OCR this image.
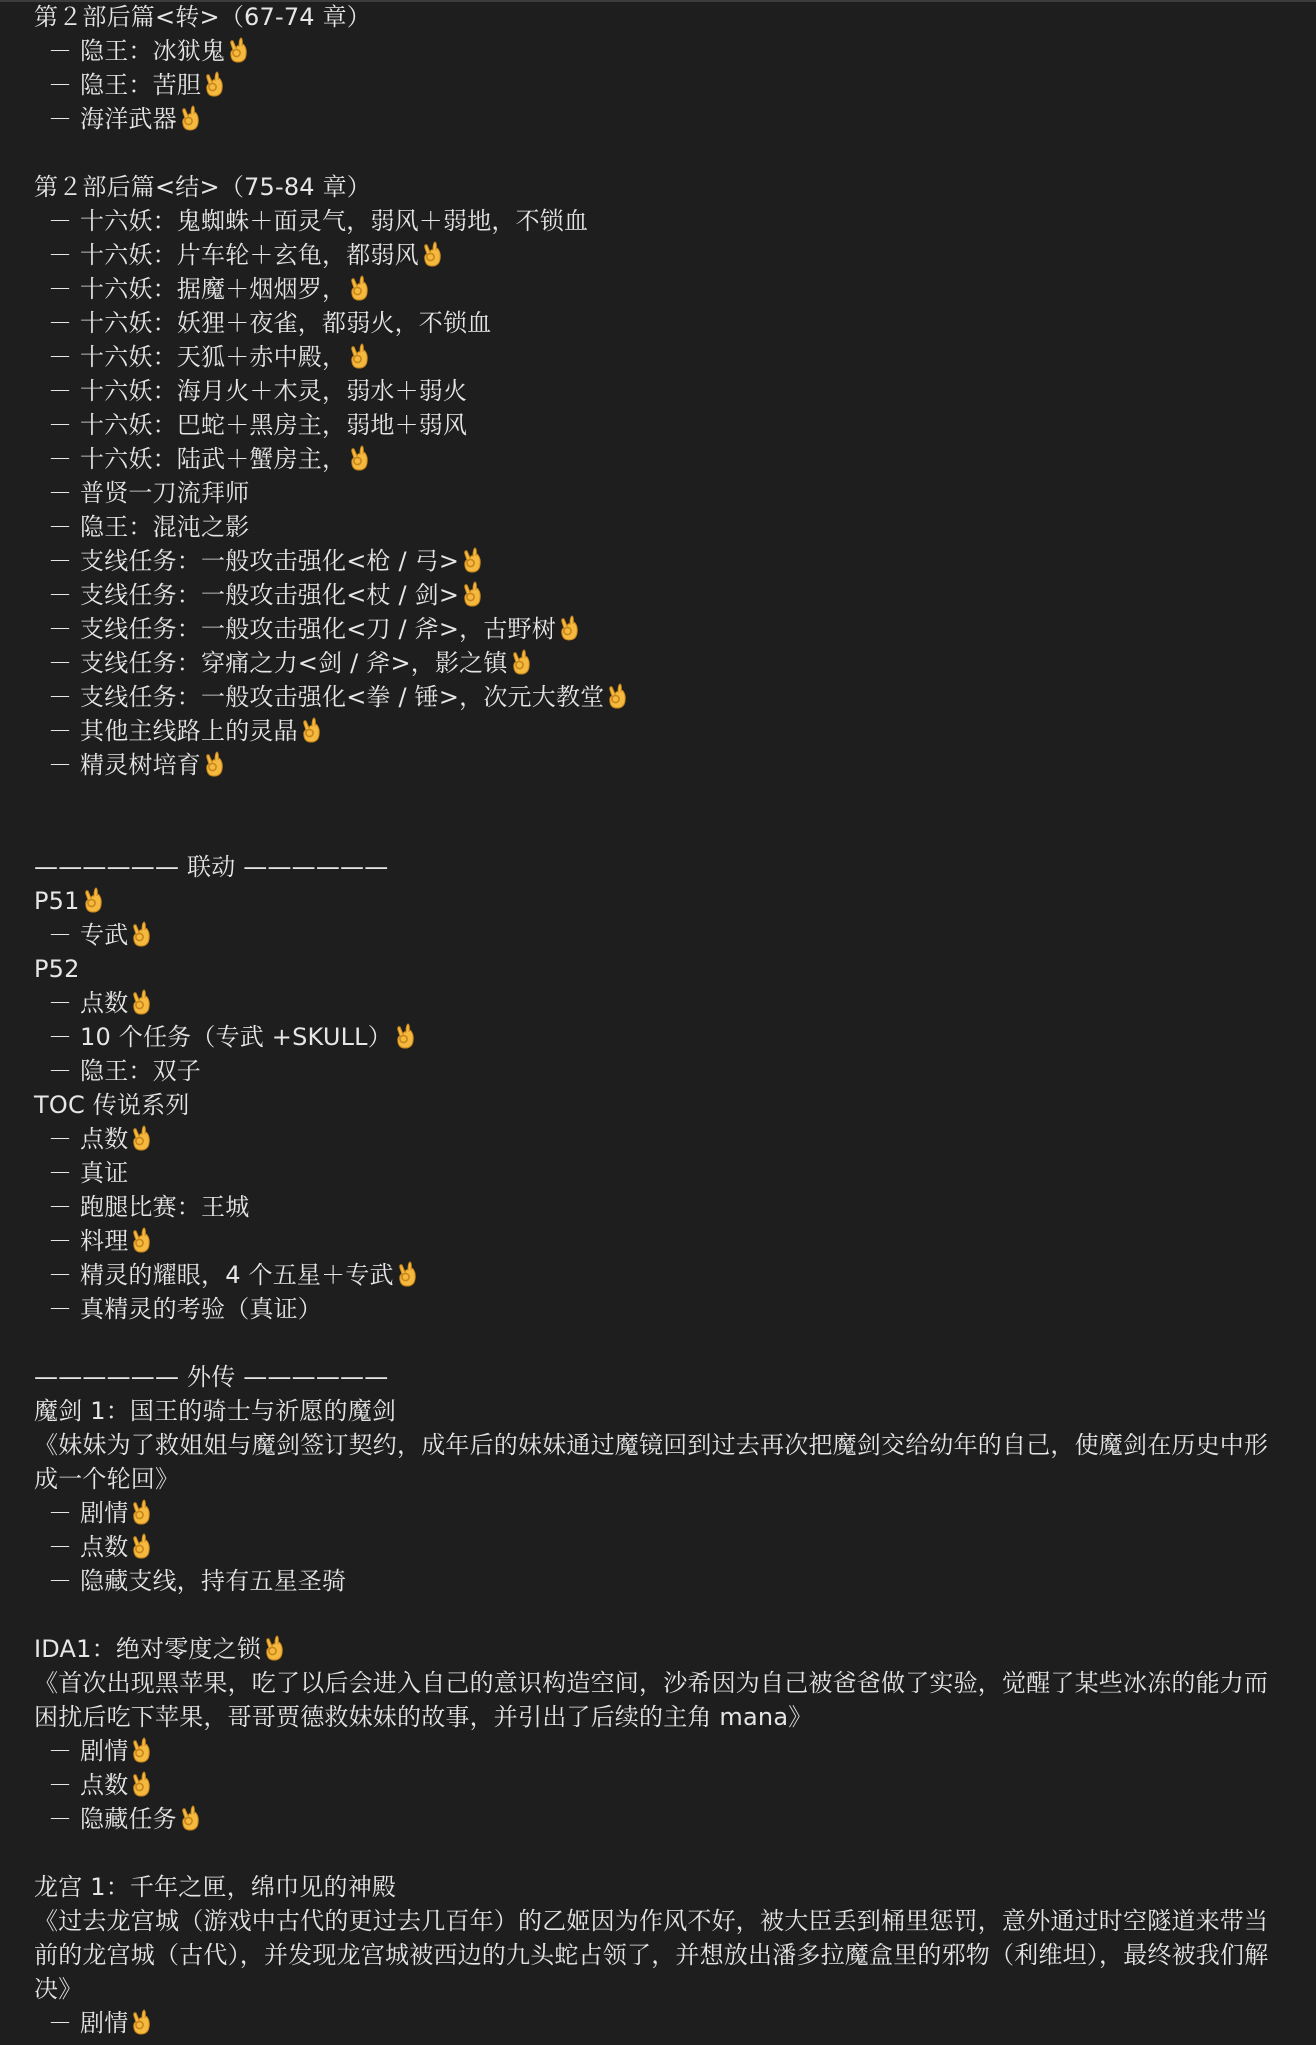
第２部后篇<转>（67-74 章）
－ 隐王：冰狱鬼
－ 隐王：苦胆
－ 海洋武器
第２部后篇<结>（75-84 章）
－ 十六妖：鬼蜘蛛＋面灵气，弱风＋弱地，不锁血
－ 十六妖：片车轮＋玄龟，都弱风
－ 十六妖：据魔＋烟烟罗，
－ 十六妖：妖狸＋夜雀，都弱火，不锁血
－ 十六妖：天狐＋赤中殿，
－ 十六妖：海月火＋木灵，弱水＋弱火
－ 十六妖：巴蛇＋黑房主，弱地＋弱风
－ 十六妖：陆武＋蟹房主，
－ 普贤一刀流拜师
－ 隐王：混沌之影
－ 支线任务：一般攻击强化<枪 / 弓>
－ 支线任务：一般攻击强化<杖 / 剑>
－ 支线任务：一般攻击强化<刀 / 斧>，古野树
－ 支线任务：穿痛之力<剑 / 斧>，影之镇
－ 支线任务：一般攻击强化<拳 / 锤>，次元大教堂
－ 其他主线路上的灵晶
－ 精灵树培育
—————— 联动 ——————
P51
－ 专武
P52
－ 点数
－ 10 个任务（专武 +SKULL）
－ 隐王：双子
TOC 传说系列
－ 点数
－ 真证
－ 跑腿比赛：王城
－ 料理
－ 精灵的耀眼，4 个五星＋专武
－ 真精灵的考验（真证）
—————— 外传 ——————
魔剑 1：国王的骑士与祈愿的魔剑
《妹妹为了救姐姐与魔剑签订契约，成年后的妹妹通过魔镜回到过去再次把魔剑交给幼年的自己，使魔剑在历史中形成一个轮回》
－ 剧情
－ 点数
－ 隐藏支线，持有五星圣骑
IDA1：绝对零度之锁
《首次出现黑苹果，吃了以后会进入自己的意识构造空间，沙希因为自己被爸爸做了实验，觉醒了某些冰冻的能力而困扰后吃下苹果，哥哥贾德救妹妹的故事，并引出了后续的主角 mana》
－ 剧情
－ 点数
－ 隐藏任务
龙宫 1：千年之匣，绵巾见的神殿
《过去龙宫城（游戏中古代的更过去几百年）的乙姬因为作风不好，被大臣丢到桶里惩罚，意外通过时空隧道来带当前的龙宫城（古代），并发现龙宫城被西边的九头蛇占领了，并想放出潘多拉魔盒里的邪物（利维坦），最终被我们解决》
－ 剧情
